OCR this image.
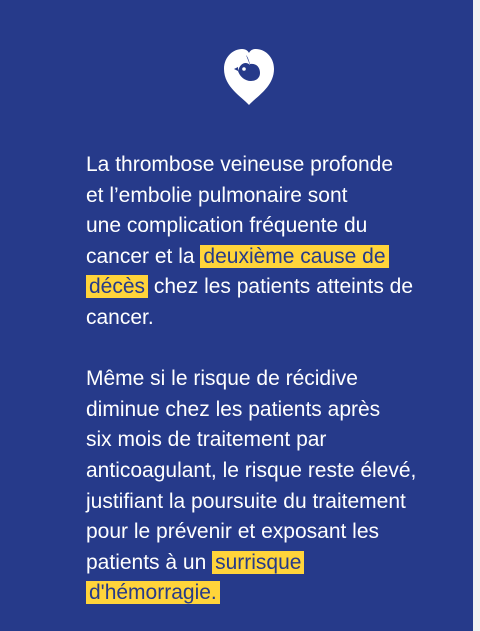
La thrombose veineuse profonde
et l’embolie pulmonaire sont
une complication fréquente du
cancer et la deuxième cause de
décès chez les patients atteints de
cancer.

Même si le risque de récidive
diminue chez les patients après
six mois de traitement par
anticoagulant, le risque reste élevé,
justifiant la poursuite du traitement
pour le prévenir et exposant les
patients à un surrisque
d'hémorragie.
